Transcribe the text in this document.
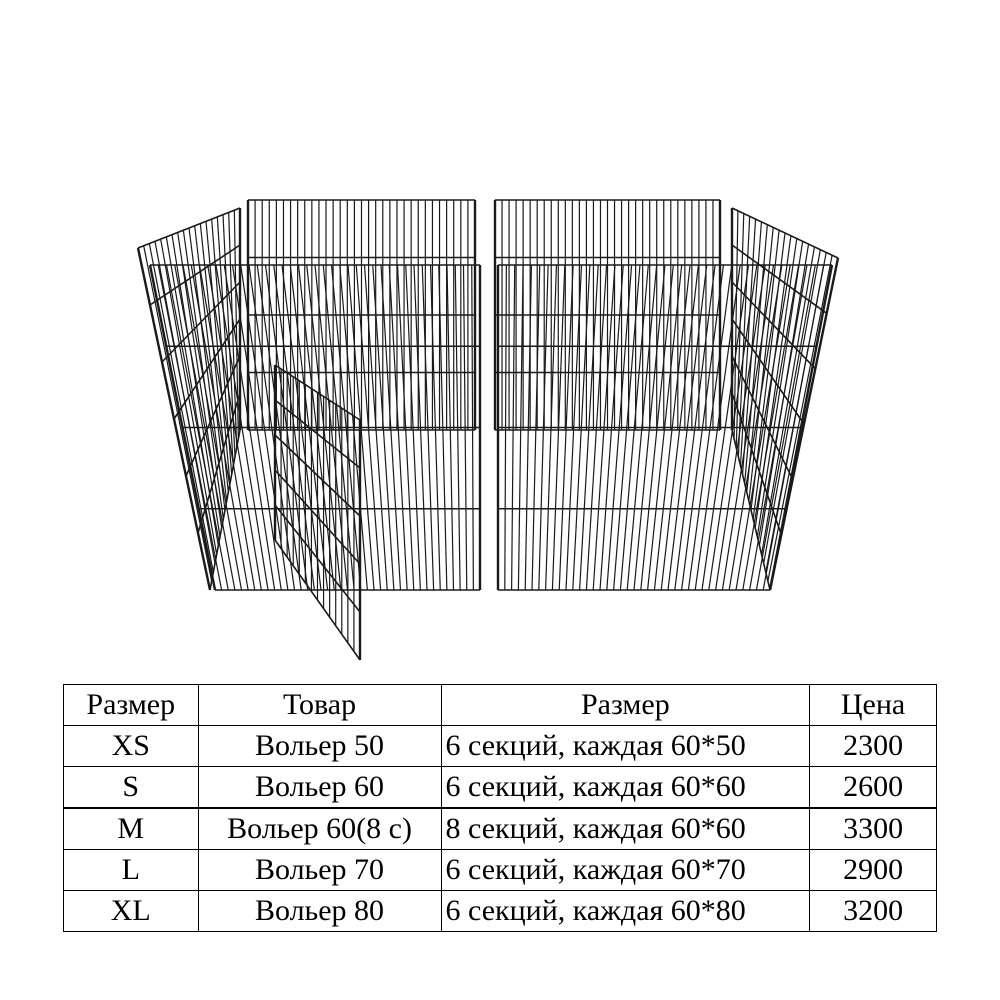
Размер	Товар	Размер	Цена
XS	Вольер 50	6 секций, каждая 60*50	2300
S	Вольер 60	6 секций, каждая 60*60	2600
M	Вольер 60(8 с)	8 секций, каждая 60*60	3300
L	Вольер 70	6 секций, каждая 60*70	2900
XL	Вольер 80	6 секций, каждая 60*80	3200
